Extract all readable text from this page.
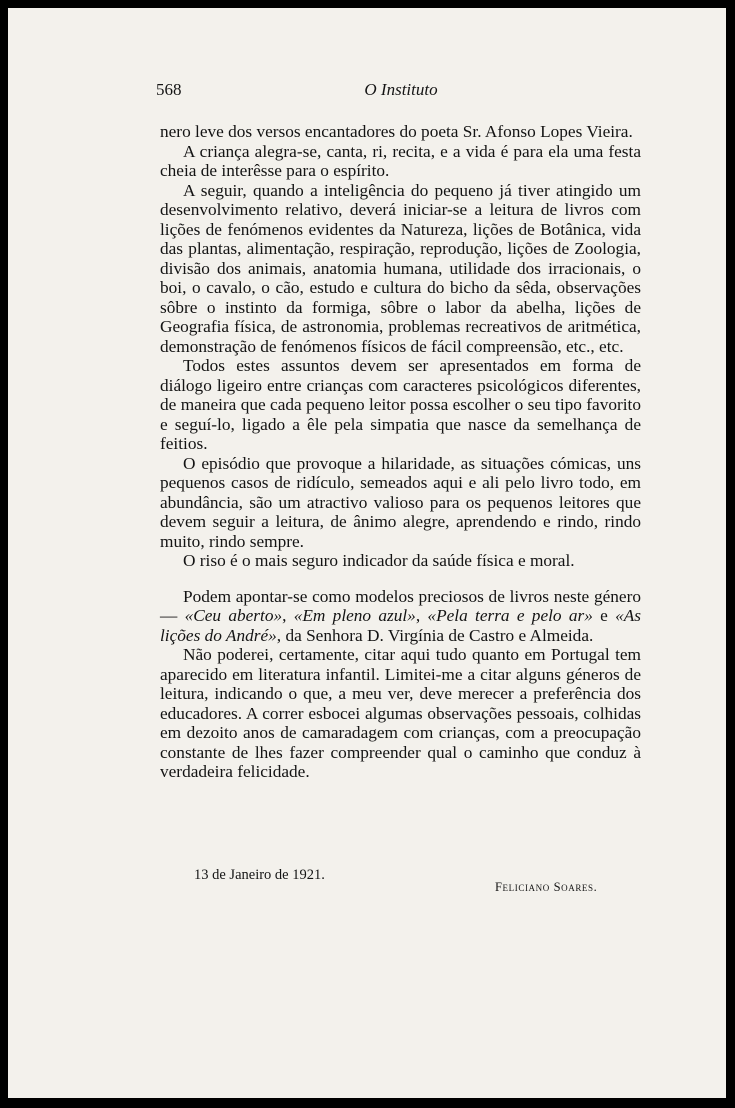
568	O Instituto

nero leve dos versos encantadores do poeta Sr. Afonso Lopes Vieira.

A criança alegra-se, canta, ri, recita, e a vida é para ela uma festa cheia de interêsse para o espírito.

A seguir, quando a inteligência do pequeno já tiver atingido um desenvolvimento relativo, deverá iniciar-se a leitura de livros com lições de fenómenos evidentes da Natureza, lições de Botânica, vida das plantas, alimentação, respiração, reprodução, lições de Zoologia, divisão dos animais, anatomia humana, utilidade dos irracionais, o boi, o cavalo, o cão, estudo e cultura do bicho da sêda, observações sôbre o instinto da formiga, sôbre o labor da abelha, lições de Geografia física, de astronomia, problemas recreativos de aritmética, demonstração de fenómenos físicos de fácil compreensão, etc., etc.

Todos estes assuntos devem ser apresentados em forma de diálogo ligeiro entre crianças com caracteres psicológicos diferentes, de maneira que cada pequeno leitor possa escolher o seu tipo favorito e seguí-lo, ligado a êle pela simpatia que nasce da semelhança de feitios.

O episódio que provoque a hilaridade, as situações cómicas, uns pequenos casos de ridículo, semeados aqui e ali pelo livro todo, em abundância, são um atractivo valioso para os pequenos leitores que devem seguir a leitura, de ânimo alegre, aprendendo e rindo, rindo muito, rindo sempre.

O riso é o mais seguro indicador da saúde física e moral.

Podem apontar-se como modelos preciosos de livros neste género — «Ceu aberto», «Em pleno azul», «Pela terra e pelo ar» e «As lições do André», da Senhora D. Virgínia de Castro e Almeida.

Não poderei, certamente, citar aqui tudo quanto em Portugal tem aparecido em literatura infantil. Limitei-me a citar alguns géneros de leitura, indicando o que, a meu ver, deve merecer a preferência dos educadores. A correr esbocei algumas observações pessoais, colhidas em dezoito anos de camaradagem com crianças, com a preocupação constante de lhes fazer compreender qual o caminho que conduz à verdadeira felicidade.

13 de Janeiro de 1921.
Feliciano Soares.
